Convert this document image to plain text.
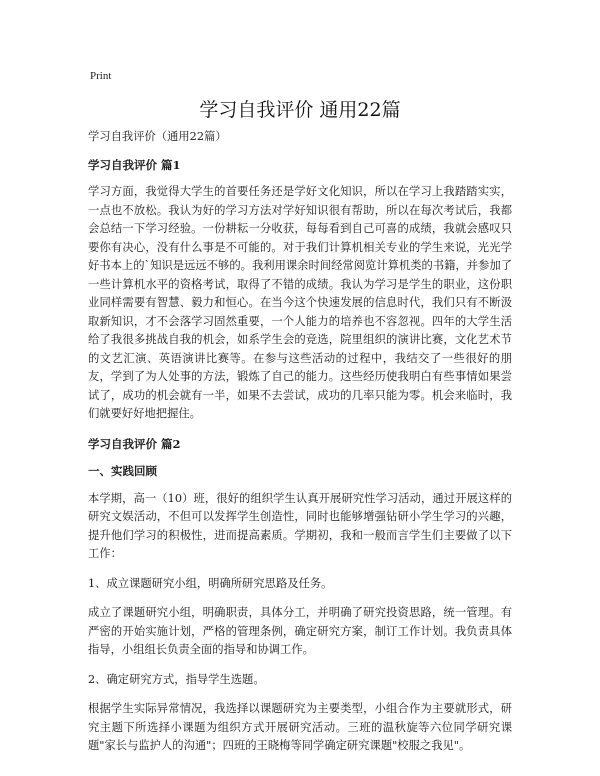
Print
学习自我评价 通用22篇

学习自我评价（通用22篇）

学习自我评价 篇1

学习方面，我觉得大学生的首要任务还是学好文化知识，所以在学习上我踏踏实实，一点也不放松。我认为好的学习方法对学好知识很有帮助，所以在每次考试后，我都会总结一下学习经验。一份耕耘一分收获，每每看到自己可喜的成绩，我就会感叹只要你有决心，没有什么事是不可能的。对于我们计算机相关专业的学生来说，光光学好书本上的`知识是远远不够的。我利用课余时间经常阅览计算机类的书籍，并参加了一些计算机水平的资格考试，取得了不错的成绩。我认为学习是学生的职业，这份职业同样需要有智慧、毅力和恒心。在当今这个快速发展的信息时代，我们只有不断汲取新知识，才不会落学习固然重要，一个人能力的培养也不容忽视。四年的大学生活给了我很多挑战自我的机会，如系学生会的竞选，院里组织的演讲比赛，文化艺术节的文艺汇演、英语演讲比赛等。在参与这些活动的过程中，我结交了一些很好的朋友，学到了为人处事的方法，锻炼了自己的能力。这些经历使我明白有些事情如果尝试了，成功的机会就有一半，如果不去尝试，成功的几率只能为零。机会来临时，我们就要好好地把握住。

学习自我评价 篇2
一、实践回顾

本学期，高一（10）班，很好的组织学生认真开展研究性学习活动，通过开展这样的研究文娱活动，不但可以发挥学生创造性，同时也能够增强钻研小学生学习的兴趣，提升他们学习的积极性，进而提高素质。学期初，我和一般而言学生们主要做了以下工作：

1、成立课题研究小组，明确所研究思路及任务。

成立了课题研究小组，明确职责，具体分工，并明确了研究投资思路，统一管理。有严密的开始实施计划，严格的管理条例，确定研究方案，制订工作计划。我负责具体指导，小组组长负责全面的指导和协调工作。

2、确定研究方式，指导学生选题。

根据学生实际异常情况，我选择以课题研究为主要类型，小组合作为主要就形式，研究主题下所选择小课题为组织方式开展研究活动。三班的温秋旋等六位同学研究课题"家长与监护人的沟通"；四班的王晓梅等同学确定研究课题"校服之我见"。
